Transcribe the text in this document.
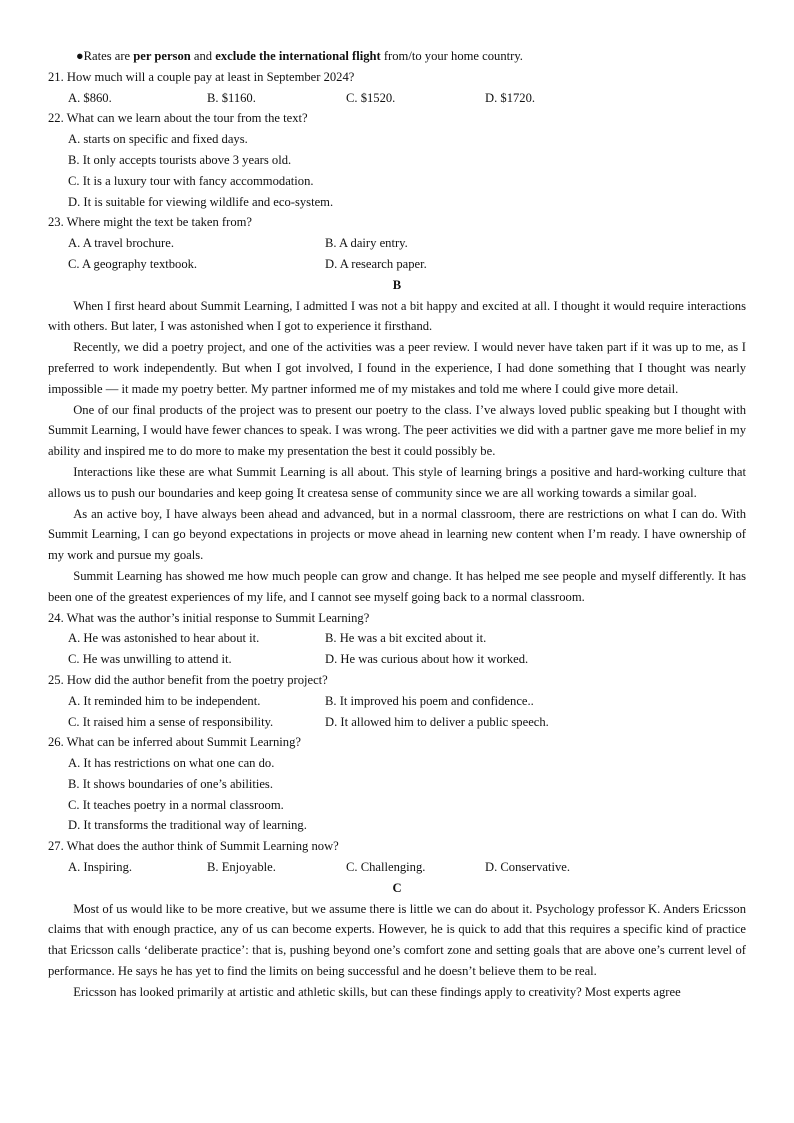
●Rates are per person and exclude the international flight from/to your home country.
21. How much will a couple pay at least in September 2024?
A. $860.	B. $1160.	C. $1520.	D. $1720.
22. What can we learn about the tour from the text?
A. starts on specific and fixed days.
B. It only accepts tourists above 3 years old.
C. It is a luxury tour with fancy accommodation.
D. It is suitable for viewing wildlife and eco-system.
23. Where might the text be taken from?
A. A travel brochure.	B. A dairy entry.
C. A geography textbook.	D. A research paper.
B
When I first heard about Summit Learning, I admitted I was not a bit happy and excited at all. I thought it would require interactions with others. But later, I was astonished when I got to experience it firsthand.
Recently, we did a poetry project, and one of the activities was a peer review. I would never have taken part if it was up to me, as I preferred to work independently. But when I got involved, I found in the experience, I had done something that I thought was nearly impossible — it made my poetry better. My partner informed me of my mistakes and told me where I could give more detail.
One of our final products of the project was to present our poetry to the class. I’ve always loved public speaking but I thought with Summit Learning, I would have fewer chances to speak. I was wrong. The peer activities we did with a partner gave me more belief in my ability and inspired me to do more to make my presentation the best it could possibly be.
Interactions like these are what Summit Learning is all about. This style of learning brings a positive and hard-working culture that allows us to push our boundaries and keep going It createsa sense of community since we are all working towards a similar goal.
As an active boy, I have always been ahead and advanced, but in a normal classroom, there are restrictions on what I can do. With Summit Learning, I can go beyond expectations in projects or move ahead in learning new content when I’m ready. I have ownership of my work and pursue my goals.
Summit Learning has showed me how much people can grow and change. It has helped me see people and myself differently. It has been one of the greatest experiences of my life, and I cannot see myself going back to a normal classroom.
24. What was the author’s initial response to Summit Learning?
A. He was astonished to hear about it.	B. He was a bit excited about it.
C. He was unwilling to attend it.	D. He was curious about how it worked.
25. How did the author benefit from the poetry project?
A. It reminded him to be independent.	B. It improved his poem and confidence..
C. It raised him a sense of responsibility.	D. It allowed him to deliver a public speech.
26. What can be inferred about Summit Learning?
A. It has restrictions on what one can do.
B. It shows boundaries of one’s abilities.
C. It teaches poetry in a normal classroom.
D. It transforms the traditional way of learning.
27. What does the author think of Summit Learning now?
A. Inspiring.	B. Enjoyable.	C. Challenging.	D. Conservative.
C
Most of us would like to be more creative, but we assume there is little we can do about it. Psychology professor K. Anders Ericsson claims that with enough practice, any of us can become experts. However, he is quick to add that this requires a specific kind of practice that Ericsson calls ‘deliberate practice’: that is, pushing beyond one’s comfort zone and setting goals that are above one’s current level of performance. He says he has yet to find the limits on being successful and he doesn’t believe them to be real.
Ericsson has looked primarily at artistic and athletic skills, but can these findings apply to creativity? Most experts agree
